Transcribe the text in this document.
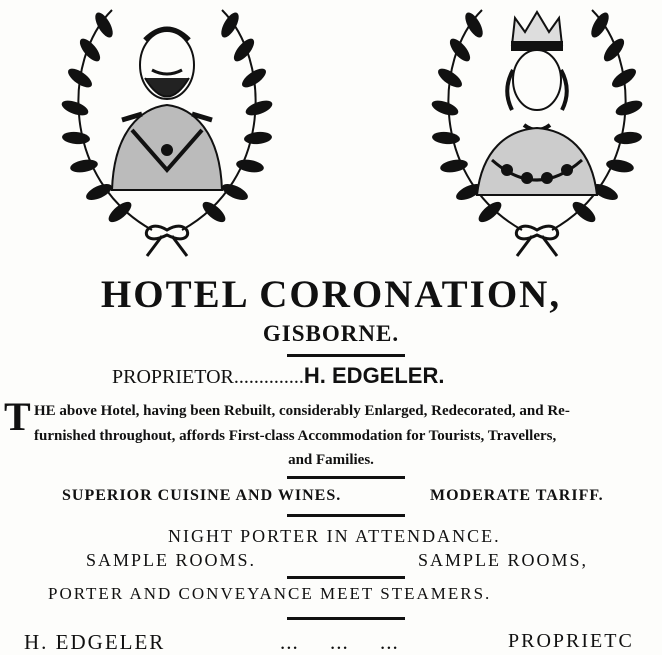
HOTEL CORONATION,
GISBORNE.
PROPRIETOR..............H. EDGELER.
T HE above Hotel, having been Rebuilt, considerably Enlarged, Redecorated, and Re-
furnished throughout, affords First-class Accommodation for Tourists, Travellers,
and Families.
SUPERIOR CUISINE AND WINES.	MODERATE TARIFF.
NIGHT PORTER IN ATTENDANCE.
SAMPLE ROOMS.	SAMPLE ROOMS,
PORTER AND CONVEYANCE MEET STEAMERS.
H. EDGELER	...     ...     ...	PROPRIETC
